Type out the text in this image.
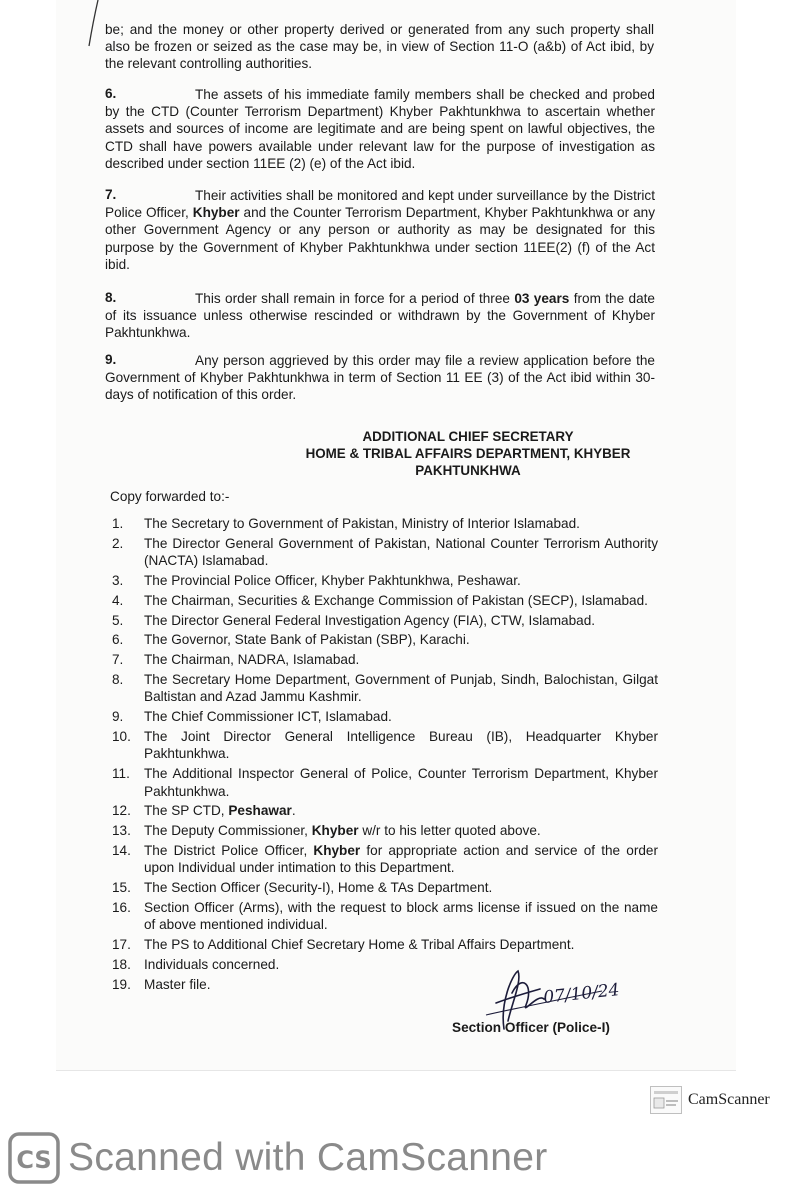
be; and the money or other property derived or generated from any such property shall also be frozen or seized as the case may be, in view of Section 11-O (a&b) of Act ibid, by the relevant controlling authorities.
6.	The assets of his immediate family members shall be checked and probed by the CTD (Counter Terrorism Department) Khyber Pakhtunkhwa to ascertain whether assets and sources of income are legitimate and are being spent on lawful objectives, the CTD shall have powers available under relevant law for the purpose of investigation as described under section 11EE (2) (e) of the Act ibid.
7.	Their activities shall be monitored and kept under surveillance by the District Police Officer, Khyber and the Counter Terrorism Department, Khyber Pakhtunkhwa or any other Government Agency or any person or authority as may be designated for this purpose by the Government of Khyber Pakhtunkhwa under section 11EE(2) (f) of the Act ibid.
8.	This order shall remain in force for a period of three 03 years from the date of its issuance unless otherwise rescinded or withdrawn by the Government of Khyber Pakhtunkhwa.
9.	Any person aggrieved by this order may file a review application before the Government of Khyber Pakhtunkhwa in term of Section 11 EE (3) of the Act ibid within 30-days of notification of this order.
ADDITIONAL CHIEF SECRETARY
HOME & TRIBAL AFFAIRS DEPARTMENT, KHYBER
PAKHTUNKHWA
Copy forwarded to:-
1.	The Secretary to Government of Pakistan, Ministry of Interior Islamabad.
2.	The Director General Government of Pakistan, National Counter Terrorism Authority (NACTA) Islamabad.
3.	The Provincial Police Officer, Khyber Pakhtunkhwa, Peshawar.
4.	The Chairman, Securities & Exchange Commission of Pakistan (SECP), Islamabad.
5.	The Director General Federal Investigation Agency (FIA), CTW, Islamabad.
6.	The Governor, State Bank of Pakistan (SBP), Karachi.
7.	The Chairman, NADRA, Islamabad.
8.	The Secretary Home Department, Government of Punjab, Sindh, Balochistan, Gilgat Baltistan and Azad Jammu Kashmir.
9.	The Chief Commissioner ICT, Islamabad.
10. The Joint Director General Intelligence Bureau (IB), Headquarter Khyber Pakhtunkhwa.
11.	The Additional Inspector General of Police, Counter Terrorism Department, Khyber Pakhtunkhwa.
12. The SP CTD, Peshawar.
13. The Deputy Commissioner, Khyber w/r to his letter quoted above.
14. The District Police Officer, Khyber for appropriate action and service of the order upon Individual under intimation to this Department.
15. The Section Officer (Security-I), Home & TAs Department.
16. Section Officer (Arms), with the request to block arms license if issued on the name of above mentioned individual.
17. The PS to Additional Chief Secretary Home & Tribal Affairs Department.
18. Individuals concerned.
19. Master file.	07/10/24
Section Officer (Police-I)
CamScanner
CS Scanned with CamScanner
